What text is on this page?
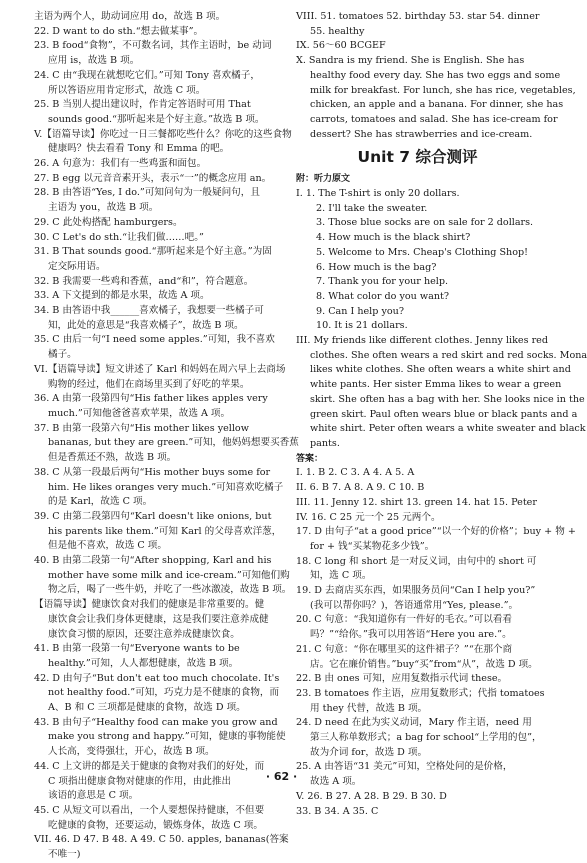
主语为两个人，助动词应用 do，故选 B 项。
22. D want to do sth.“想去做某事”。
23. B food“食物”，不可数名词，其作主语时，be 动词
应用 is，故选 B 项。
24. C 由“我现在就想吃它们。”可知 Tony 喜欢橘子，
所以答语应用肯定形式，故选 C 项。
25. B 当别人提出建议时，作肯定答语时可用 That
sounds good.“那听起来是个好主意。”故选 B 项。
V.【语篇导读】你吃过一日三餐都吃些什么？你吃的这些食物
健康吗？快去看看 Tony 和 Emma 的吧。
26. A 句意为：我们有一些鸡蛋和面包。
27. B egg 以元音音素开头，表示“一”的概念应用 an。
28. B 由答语“Yes, I do.”可知问句为一般疑问句，且
主语为 you，故选 B 项。
29. C 此处构搭配 hamburgers。
30. C Let's do sth.“让我们做……吧。”
31. B That sounds good.“那听起来是个好主意。”为固
定交际用语。
32. B 我需要一些鸡和香蕉，and“和”，符合题意。
33. A 下文提到的都是水果，故选 A 项。
34. B 由答语中我______喜欢橘子，我想要一些橘子可
知，此处的意思是“我喜欢橘子”，故选 B 项。
35. C 由后一句“I need some apples.”可知，我不喜欢
橘子。
VI.【语篇导读】短文讲述了 Karl 和妈妈在周六早上去商场
购物的经过，他们在商场里买到了好吃的苹果。
36. A 由第一段第四句“His father likes apples very
much.”可知他爸爸喜欢苹果，故选 A 项。
37. B 由第一段第六句“His mother likes yellow
bananas, but they are green.”可知，他妈妈想要买香蕉
但是香蕉还不熟，故选 B 项。
38. C 从第一段最后两句“His mother buys some for
him. He likes oranges very much.”可知喜欢吃橘子
的是 Karl，故选 C 项。
39. C 由第二段第四句“Karl doesn't like onions, but
his parents like them.”可知 Karl 的父母喜欢洋葱，
但是他不喜欢，故选 C 项。
40. B 由第二段第一句“After shopping, Karl and his
mother have some milk and ice-cream.”可知他们购
物之后，喝了一些牛奶，并吃了一些冰激凌，故选 B 项。
【语篇导读】健康饮食对我们的健康是非常重要的。健
康饮食会让我们身体更健康，这是我们要注意养成健
康饮食习惯的原因，还要注意养成健康饮食。
41. B 由第一段第一句“Everyone wants to be
healthy.”可知，人人都想健康，故选 B 项。
42. D 由句子“But don't eat too much chocolate. It's
not healthy food.”可知，巧克力是不健康的食物，而
A、B 和 C 三项都是健康的食物，故选 D 项。
43. B 由句子“Healthy food can make you grow and
make you strong and happy.”可知，健康的事物能使
人长高，变得强壮，开心，故选 B 项。
44. C 上文讲的都是关于健康的食物对我们的好处，而
C 项指出健康食物对健康的作用，由此推出
该语的意思是 C 项。
45. C 从短文可以看出，一个人要想保持健康，不但要
吃健康的食物，还要运动，锻炼身体，故选 C 项。
VII. 46. D 47. B 48. A 49. C 50. apples, bananas(答案
不唯一)
VIII. 51. tomatoes 52. birthday 53. star 54. dinner
55. healthy
IX. 56～60 BCGEF
X. Sandra is my friend. She is English. She has
healthy food every day. She has two eggs and some
milk for breakfast. For lunch, she has rice, vegetables,
chicken, an apple and a banana. For dinner, she has
carrots, tomatoes and salad. She has ice-cream for
dessert? She has strawberries and ice-cream.
Unit 7 综合测评
附：听力原文
I. 1. The T-shirt is only 20 dollars.
2. I'll take the sweater.
3. Those blue socks are on sale for 2 dollars.
4. How much is the black shirt?
5. Welcome to Mrs. Cheap's Clothing Shop!
6. How much is the bag?
7. Thank you for your help.
8. What color do you want?
9. Can I help you?
10. It is 21 dollars.
III. My friends like different clothes. Jenny likes red
clothes. She often wears a red skirt and red socks. Mona
likes white clothes. She often wears a white shirt and
white pants. Her sister Emma likes to wear a green
skirt. She often has a bag with her. She looks nice in the
green skirt. Paul often wears blue or black pants and a
white shirt. Peter often wears a white sweater and black
pants.
答案：
I. 1. B 2. C 3. A 4. A 5. A
II. 6. B 7. A 8. A 9. C 10. B
III. 11. Jenny 12. shirt 13. green 14. hat 15. Peter
IV. 16. C 25 元一个 25 元两个。
17. D 由句子“at a good price”“以一个好的价格”；buy + 物 +
for + 钱“买某物花多少钱”。
18. C long 和 short 是一对反义词，由句中的 short 可
知，选 C 项。
19. D 去商店买东西，如果服务员问“Can I help you?”
(我可以帮你吗？)，答语通常用“Yes, please.”。
20. C 句意：“我知道你有一件好的毛衣。”可以看看
吗？”“给你。”我可以用答语“Here you are.”。
21. C 句意：“你在哪里买的这件裙子？”“在那个商
店。它在廉价销售。”buy“买”from“从”，故选 D 项。
22. B 由 ones 可知，应用复数指示代词 these。
23. B tomatoes 作主语，应用复数形式；代指 tomatoes
用 they 代替，故选 B 项。
24. D need 在此为实义动词，Mary 作主语，need 用
第三人称单数形式；a bag for school“上学用的包”，
故为介词 for，故选 D 项。
25. A 由答语“31 美元”可知，空格处问的是价格，
故选 A 项。
V. 26. B 27. A 28. B 29. B 30. D
33. B 34. A 35. C
· 62 ·
